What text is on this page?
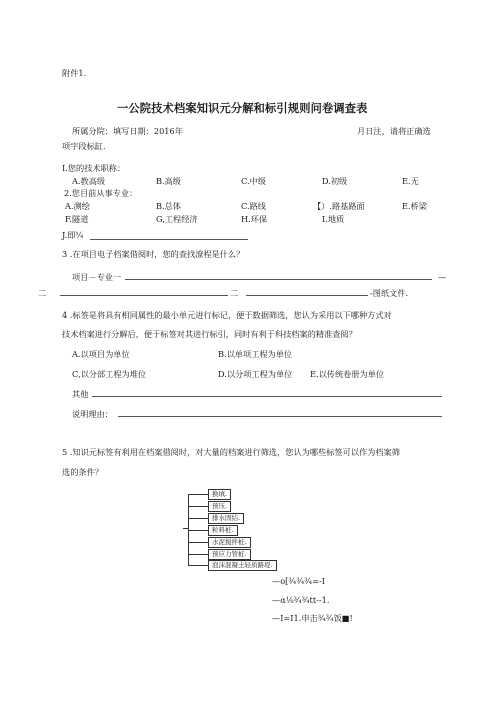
附件1.
一公院技术档案知识元分解和标引规则问卷调查表
所属分院：填写日期：2016年	月日注，请将正确选
项字段标缸.
I.您的技术职称：
A.教高级	B.高级	C.中级	D.初级	E.无
2.您目前从事专业：
A.测绘	B.总体	C.路线	【）.路基路面	E.桥梁
F.隧道	G,工程经济	H.环保	I.地质
J.即¼
3 .在项目电子档案借阅时，您的查找潦程是什么？
项目－专业一	—
二	二	-图纸文件.
4 .标签是将具有相同属性的最小单元进行标记，便于数据筛选，您认为采用以下哪种方式对
技术档案进行分解后，便于标签对其进行标引，同时有利于科技档案的精准查阅？
A.以项目为单位	B.以单项工程为单位
C,以分部工程为堆位	D.以分项工程为单位 E.以传统卷册为单位
其他
说明理由：
5 .知识元标签有利用在档案借阅时，对大量的档案进行筛选，您认为哪些标签可以作为档案筛
选的条件？
换填.
预压.
排水固结.
粒料桩.
水泥搅拌桩.
预应力管桩.
泡沫混凝土轻质路堤.
—o[¾¾¾=-I
—α⅛¾¾tt--1.
—I=I1.申击¾¾饭■!
